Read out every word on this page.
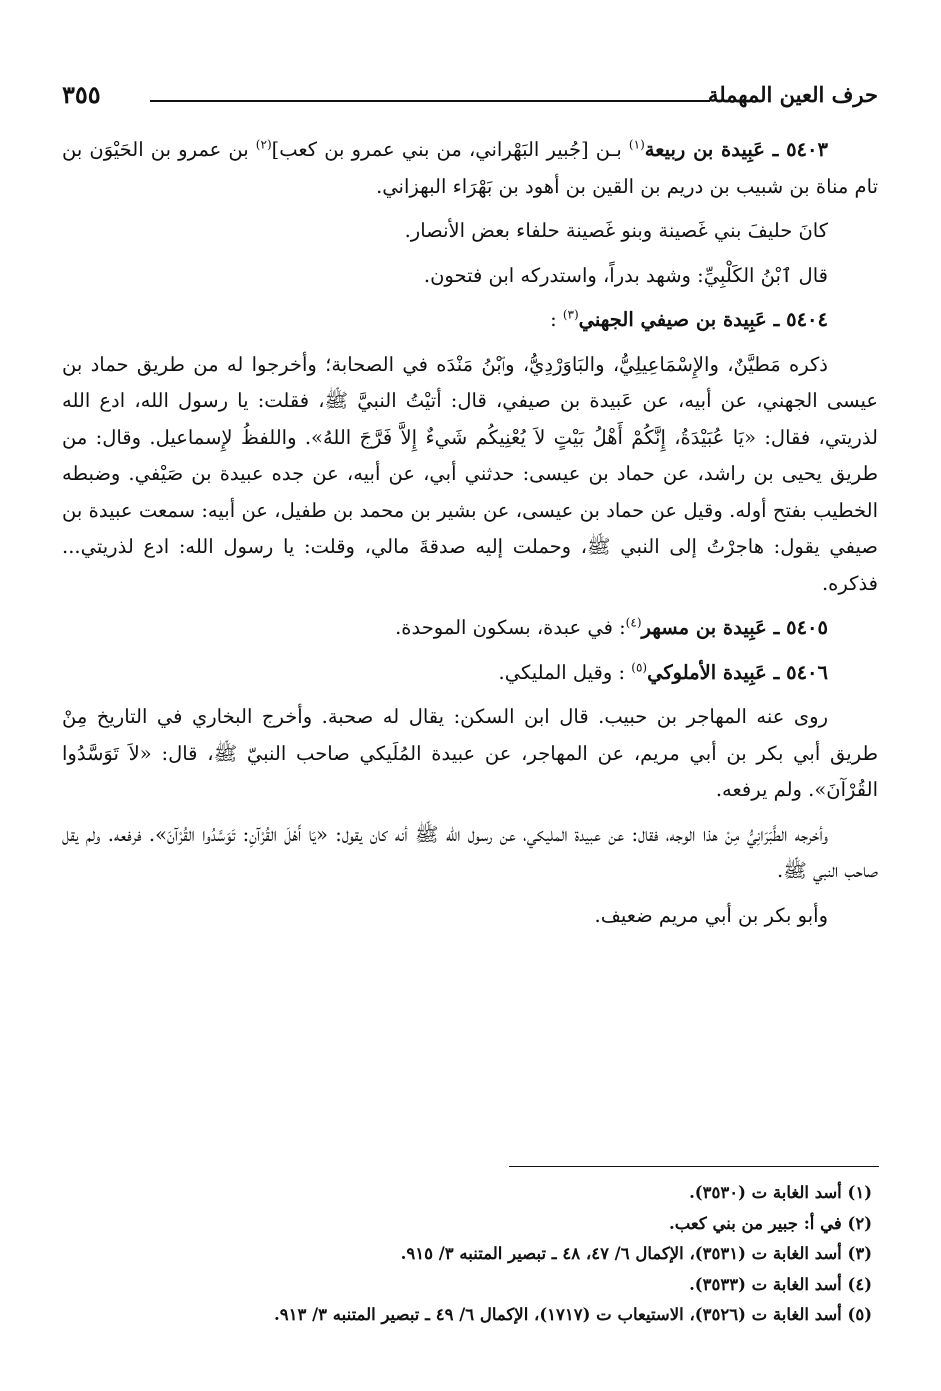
حرف العين المهملة
٣٥٥

٥٤٠٣ ـ عَبِيدة بن ربيعة$^{(١)}$ بـن [جُبير البَهْراني، من بني عمرو بن كعب]$^{(٢)}$ بن عمرو بن الحَيْوَن بن تام مناة بن شبيب بن دريم بن القين بن أهود بن بَهْرَاء البهزاني.

كانَ حليفَ بني غَصينة وبنو غَصينة حلفاء بعض الأنصار.

قال ٱبْنُ الكَلْبِيِّ: وشهد بدراً، واستدركه ابن فتحون.

٥٤٠٤ ـ عَبِيدة بن صيفي الجهني$^{(٣)}$ :

ذكره مَطيَّنٌ، والإِسْمَاعِيلِيُّ، والبَاوَرْدِيُّ، وٱبْنُ مَنْدَه في الصحابة؛ وأخرجوا له من طريق حماد بن عيسى الجهني، عن أبيه، عن عَبيدة بن صيفي، قال: أتيْتُ النبيَّ ﷺ، فقلت: يا رسول الله، ادع الله لذريتي، فقال: «يَا عُبَيْدَةُ، إِنَّكُمْ أَهْلُ بَيْتٍ لاَ يُعْنِيكُم شَيءٌ إِلاَّ فَرَّجَ اللهُ». واللفظُ لإِسماعيل. وقال: من طريق يحيى بن راشد، عن حماد بن عيسى: حدثني أبي، عن أبيه، عن جده عبيدة بن صَيْفي. وضبطه الخطيب بفتح أوله. وقيل عن حماد بن عيسى، عن بشير بن محمد بن طفيل، عن أبيه: سمعت عبيدة بن صيفي يقول: هاجرْتُ إلى النبي ﷺ، وحملت إليه صدقةَ مالي، وقلت: يا رسول الله: ادع لذريتي... فذكره.

٥٤٠٥ ـ عَبِيدة بن مسهر$^{(٤)}$: في عبدة، بسكون الموحدة.

٥٤٠٦ ـ عَبِيدة الأملوكي$^{(٥)}$ : وقيل المليكي.

روى عنه المهاجر بن حبيب. قال ابن السكن: يقال له صحبة. وأخرج البخاري في التاريخ مِنْ طريق أبي بكر بن أبي مريم، عن المهاجر، عن عبيدة المُلَيكي صاحب النبيّ ﷺ، قال: «لاَ تَوَسَّدُوا القُرْآنَ». ولم يرفعه.

وأخرجه الطَّبَرَانِيُّ مِنْ هذا الوجه، فقال: عن عبيدة المليكي، عن رسول الله ﷺ أنه كان يقول: «يَا أَهْلَ القُرْآنِ: تَوَسَّدُوا القُرْآنَ». فرفعه. ولم يقل صاحب النبي ﷺ.

وأبو بكر بن أبي مريم ضعيف.

(١) أسد الغابة ت (٣٥٣٠).
(٢) في أ: جبير من بني كعب.
(٣) أسد الغابة ت (٣٥٣١)، الإكمال ٦/ ٤٧، ٤٨ ـ تبصير المتنبه ٣/ ٩١٥.
(٤) أسد الغابة ت (٣٥٣٣).
(٥) أسد الغابة ت (٣٥٢٦)، الاستيعاب ت (١٧١٧)، الإكمال ٦/ ٤٩ ـ تبصير المتنبه ٣/ ٩١٣.
